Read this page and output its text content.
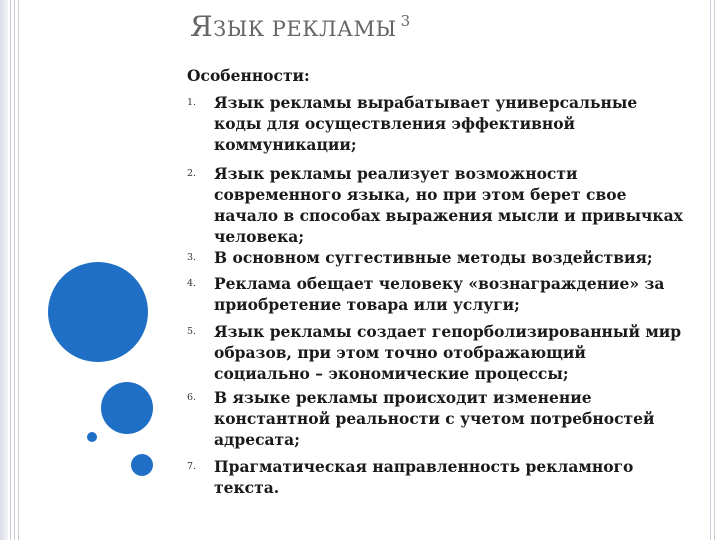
ЯЗЫК РЕКЛАМЫ $^3$
Особенности:
1. Язык рекламы вырабатывает универсальные коды для осуществления эффективной коммуникации;
2. Язык рекламы реализует возможности современного языка, но при этом берет свое начало в способах выражения мысли и привычках человека;
3. В основном суггестивные методы воздействия;
4. Реклама обещает человеку «вознаграждение» за приобретение товара или услуги;
5. Язык рекламы создает гепорболизированный мир образов, при этом точно отображающий социально – экономические процессы;
6. В языке рекламы происходит изменение константной реальности с учетом потребностей адресата;
7. Прагматическая направленность рекламного текста.
